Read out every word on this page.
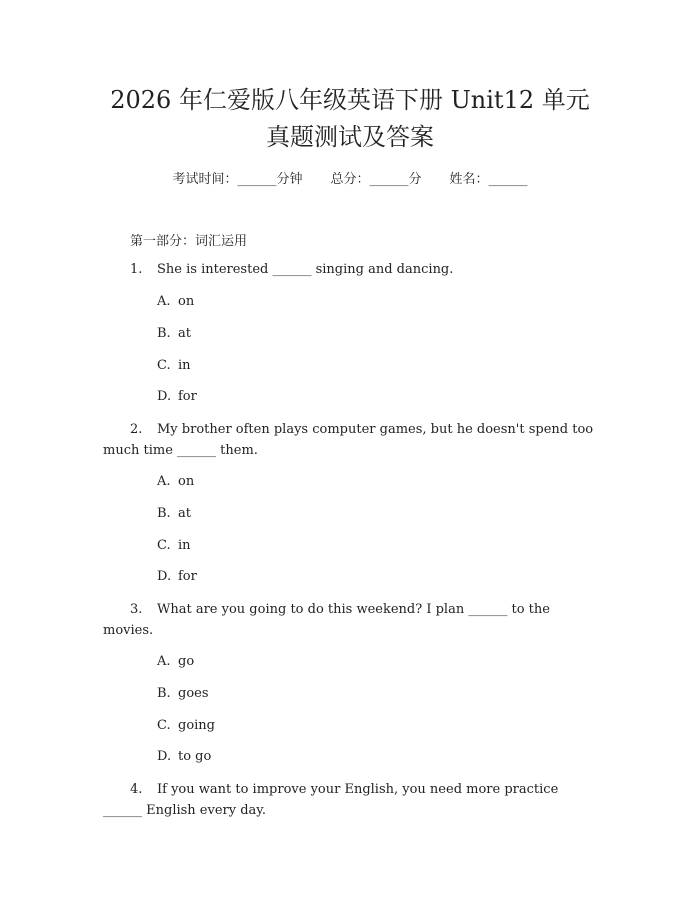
2026 年仁爱版八年级英语下册 Unit12 单元
真题测试及答案
考试时间：______分钟 总分：______分 姓名：______
第一部分：词汇运用

1. She is interested ______ singing and dancing.

A. on
B. at
C. in
D. for

2. My brother often plays computer games, but he doesn't spend too much time ______ them.

A. on
B. at
C. in
D. for

3. What are you going to do this weekend? I plan ______ to the movies.

A. go
B. goes
C. going
D. to go

4. If you want to improve your English, you need more practice ______ English every day.
